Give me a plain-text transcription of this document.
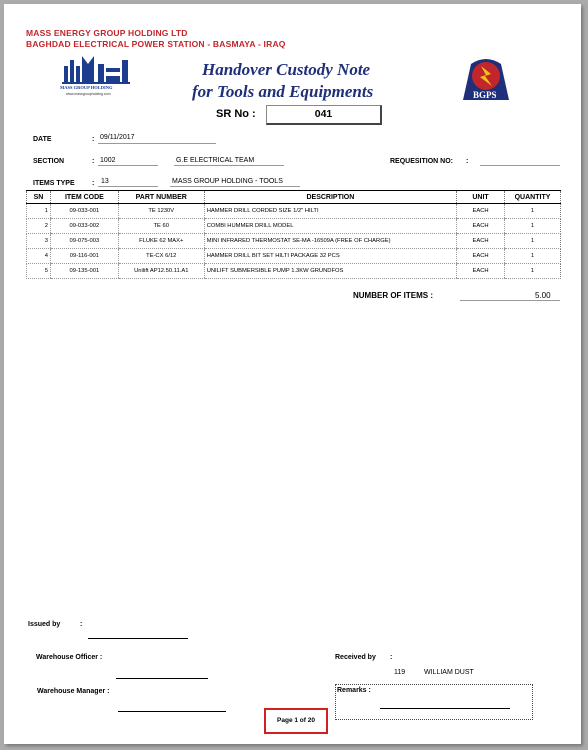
MASS ENERGY GROUP HOLDING LTD
BAGHDAD ELECTRICAL POWER STATION - BASMAYA - IRAQ
MASS GROUP HOLDING
www.massgroupholding.com
Handover Custody Note
for Tools and Equipments	BGPS
SR No :	041
DATE	: 09/11/2017
SECTION	: 1002	G.E ELECTRICAL TEAM	REQUESITION NO: :
ITEMS TYPE : 13	MASS GROUP HOLDING - TOOLS
SN	ITEM CODE	PART NUMBER	DESCRIPTION	UNIT	QUANTITY
1	09-033-001	TE 1230V	HAMMER DRILL CORDED SIZE 1/2" HILTI	EACH	1
2	09-033-002	TE 60	COMBI HUMMER DRILL MODEL	EACH	1
3	09-075-003	FLUKE 62 MAX+	MINI INFRARED THERMOSTAT SE-MA -16509A (FREE OF CHARGE)	EACH	1
4	09-116-001	TE-CX 6/12	HAMMER DRILL BIT SET HILTI PACKAGE 32 PCS	EACH	1
5	09-135-001	Unilift AP12.50.11.A1	UNILIFT SUBMERSIBLE PUMP 1.3KW GRUNDFOS	EACH	1
NUMBER OF ITEMS :	5.00
Issued by	:
Warehouse Officer :	Received by :
119	WILLIAM DUST
Warehouse Manager :	Remarks :
Page 1 of 20
